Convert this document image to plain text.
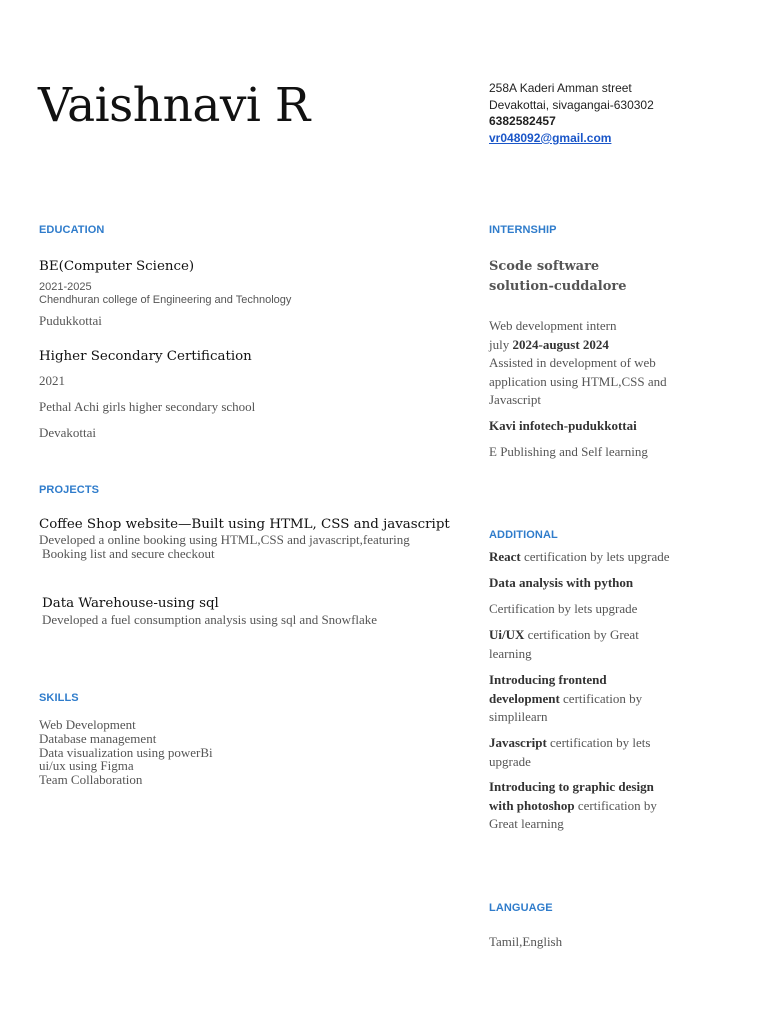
Vaishnavi R	258A Kaderi Amman street
Devakottai, sivagangai-630302
6382582457
vr048092@gmail.com
EDUCATION
BE(Computer Science)
2021-2025
Chendhuran college of Engineering and Technology
Pudukkottai
Higher Secondary Certification
2021
Pethal Achi girls higher secondary school
Devakottai
PROJECTS
Coffee Shop website—Built using HTML, CSS and javascript
Developed a online booking using HTML,CSS and javascript,featuring
Booking list and secure checkout
Data Warehouse-using sql
Developed a fuel consumption analysis using sql and Snowflake
SKILLS
Web Development
Database management
Data visualization using powerBi
ui/ux using Figma
Team Collaboration
INTERNSHIP
Scode software solution-cuddalore
Web development intern
july 2024-august 2024
Assisted in development of web application using HTML,CSS and Javascript
Kavi infotech-pudukkottai
E Publishing and Self learning
ADDITIONAL
React certification by lets upgrade
Data analysis with python
Certification by lets upgrade
Ui/UX certification by Great learning
Introducing frontend development certification by simplilearn
Javascript certification by lets upgrade
Introducing to graphic design with photoshop certification by Great learning
LANGUAGE
Tamil,English
